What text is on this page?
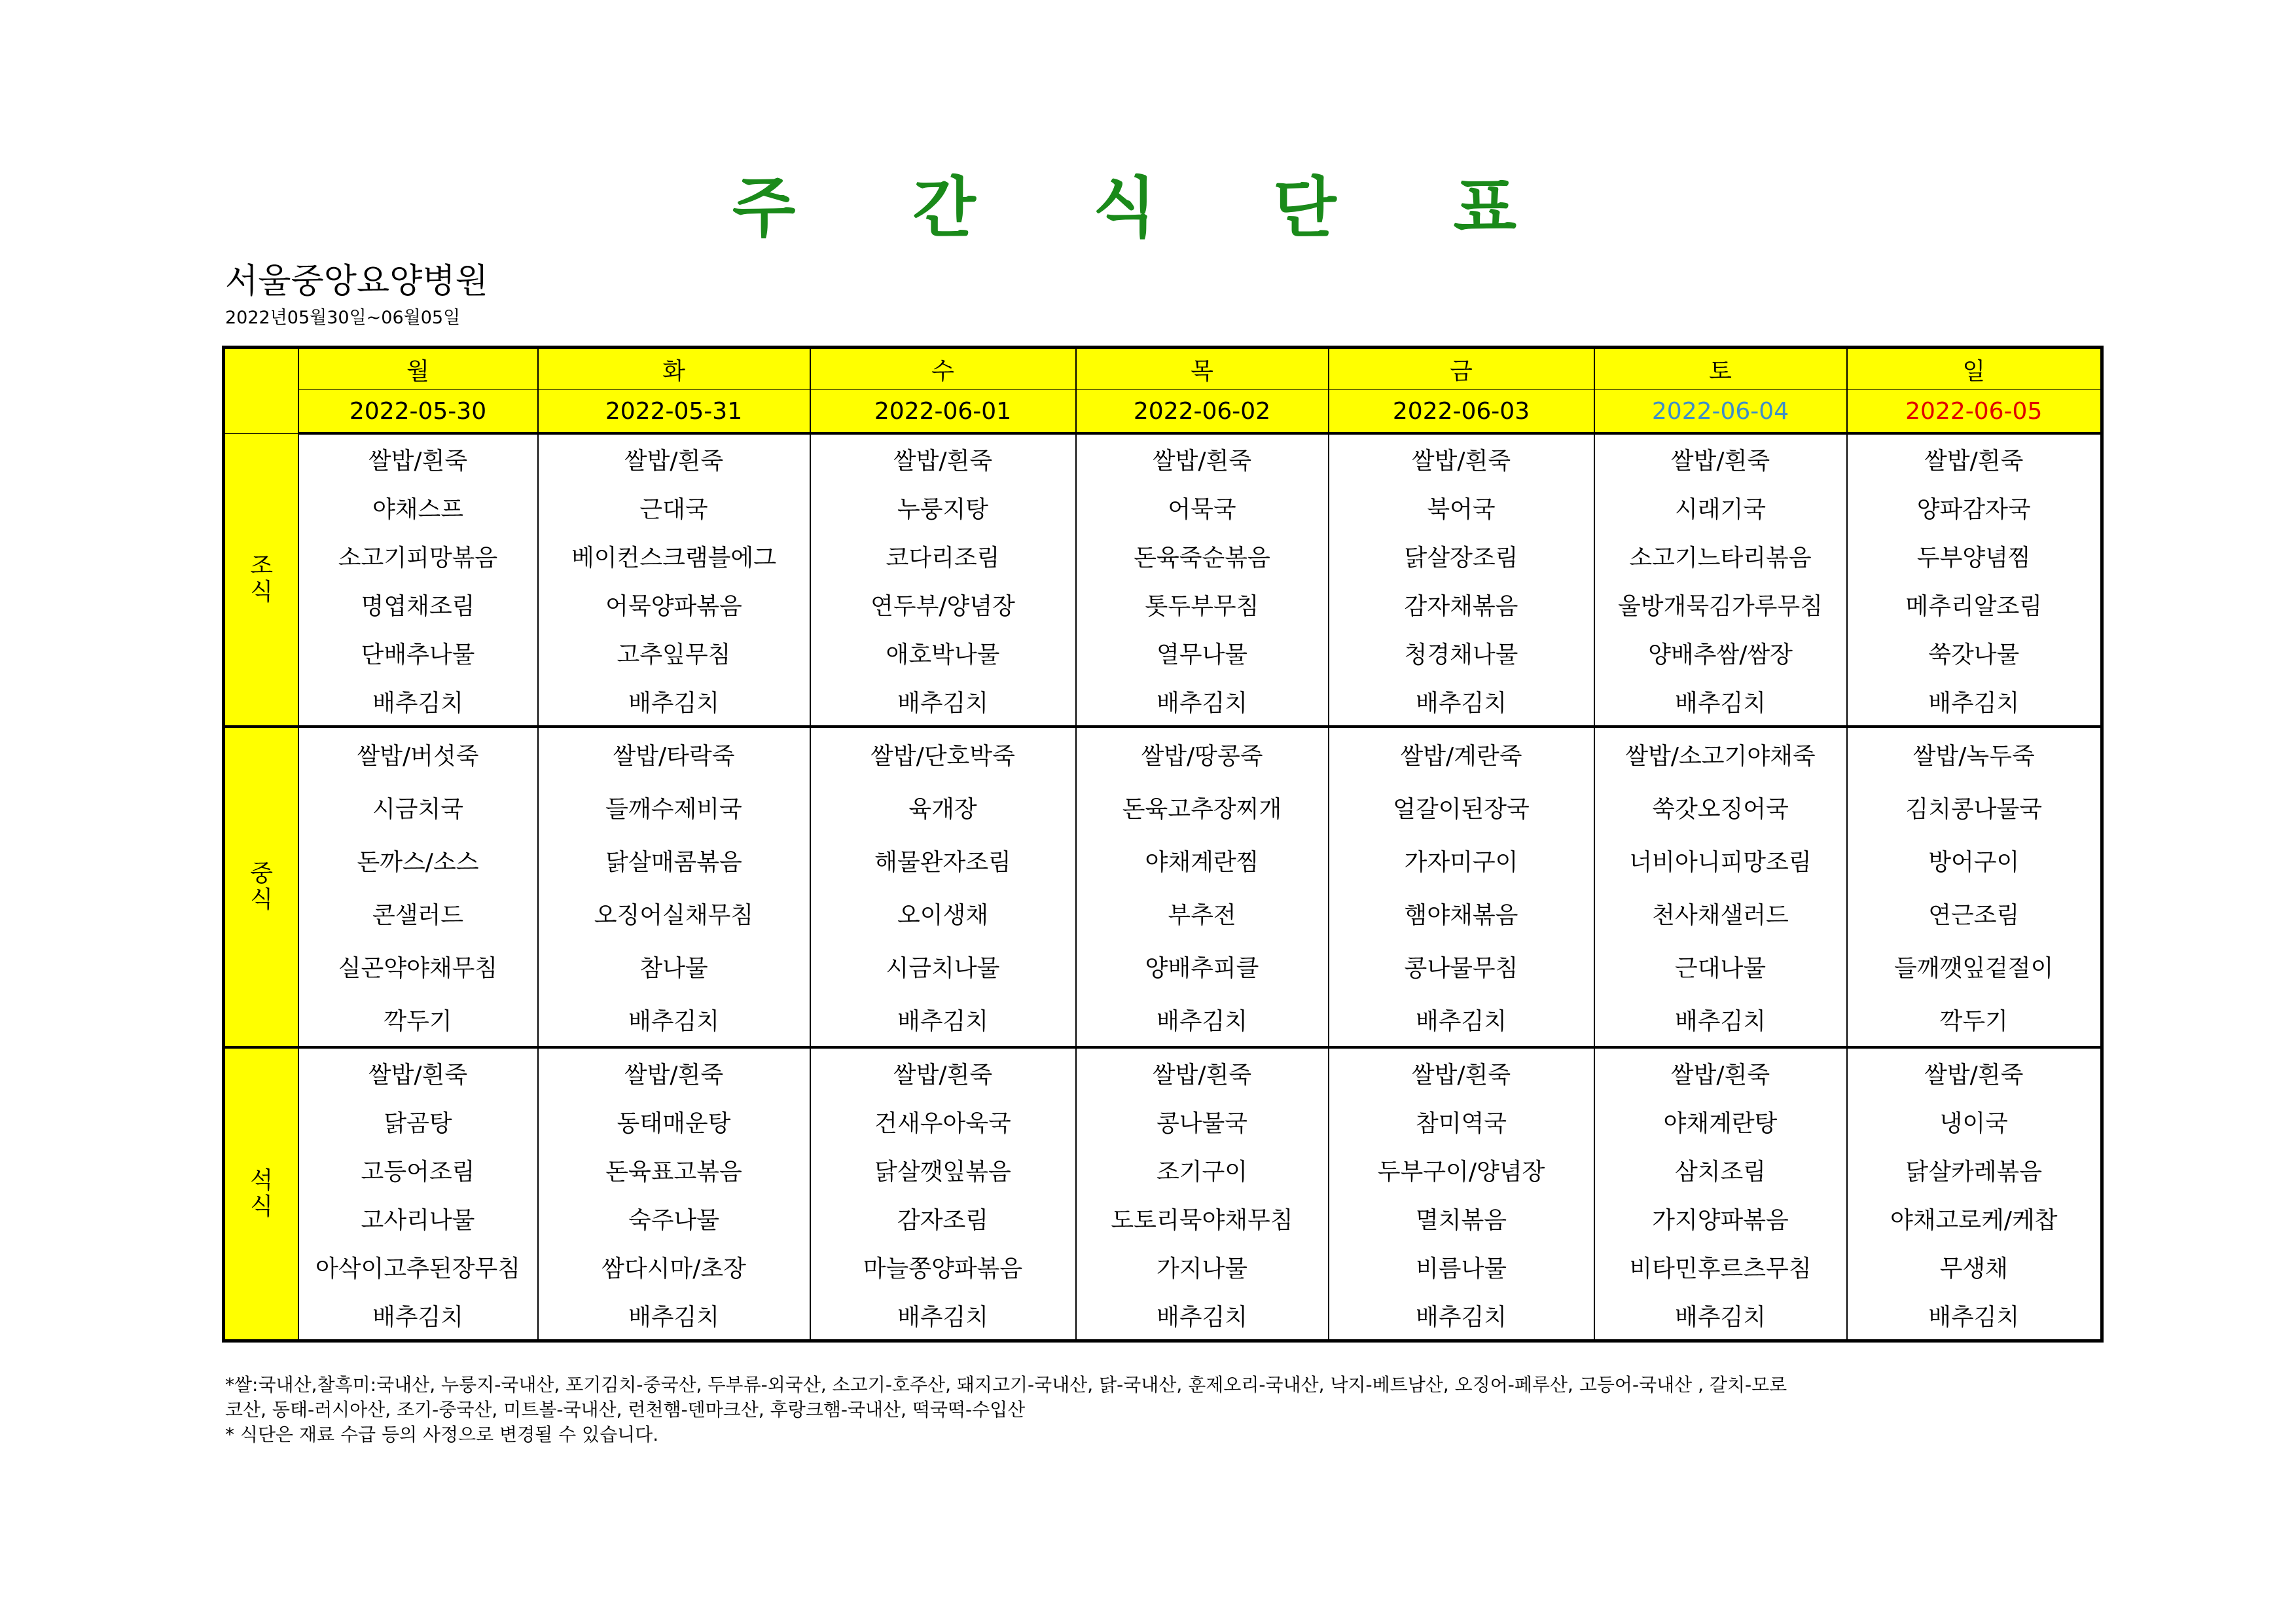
주 간 식 단 표
서울중앙요양병원
2022년05월30일~06월05일
	월	화	수	목	금	토	일
	2022-05-30	2022-05-31	2022-06-01	2022-06-02	2022-06-03	2022-06-04	2022-06-05
조식	쌀밥/흰죽	쌀밥/흰죽	쌀밥/흰죽	쌀밥/흰죽	쌀밥/흰죽	쌀밥/흰죽	쌀밥/흰죽
	야채스프	근대국	누룽지탕	어묵국	북어국	시래기국	양파감자국
	소고기피망볶음	베이컨스크램블에그	코다리조림	돈육죽순볶음	닭살장조림	소고기느타리볶음	두부양념찜
	명엽채조림	어묵양파볶음	연두부/양념장	톳두부무침	감자채볶음	울방개묵김가루무침	메추리알조림
	단배추나물	고추잎무침	애호박나물	열무나물	청경채나물	양배추쌈/쌈장	쑥갓나물
	배추김치	배추김치	배추김치	배추김치	배추김치	배추김치	배추김치
중식	쌀밥/버섯죽	쌀밥/타락죽	쌀밥/단호박죽	쌀밥/땅콩죽	쌀밥/계란죽	쌀밥/소고기야채죽	쌀밥/녹두죽
	시금치국	들깨수제비국	육개장	돈육고추장찌개	얼갈이된장국	쑥갓오징어국	김치콩나물국
	돈까스/소스	닭살매콤볶음	해물완자조림	야채계란찜	가자미구이	너비아니피망조림	방어구이
	콘샐러드	오징어실채무침	오이생채	부추전	햄야채볶음	천사채샐러드	연근조림
	실곤약야채무침	참나물	시금치나물	양배추피클	콩나물무침	근대나물	들깨깻잎겉절이
	깍두기	배추김치	배추김치	배추김치	배추김치	배추김치	깍두기
석식	쌀밥/흰죽	쌀밥/흰죽	쌀밥/흰죽	쌀밥/흰죽	쌀밥/흰죽	쌀밥/흰죽	쌀밥/흰죽
	닭곰탕	동태매운탕	건새우아욱국	콩나물국	참미역국	야채계란탕	냉이국
	고등어조림	돈육표고볶음	닭살깻잎볶음	조기구이	두부구이/양념장	삼치조림	닭살카레볶음
	고사리나물	숙주나물	감자조림	도토리묵야채무침	멸치볶음	가지양파볶음	야채고로케/케찹
	아삭이고추된장무침	쌈다시마/초장	마늘쫑양파볶음	가지나물	비름나물	비타민후르츠무침	무생채
	배추김치	배추김치	배추김치	배추김치	배추김치	배추김치	배추김치
*쌀:국내산,찰흑미:국내산, 누룽지-국내산, 포기김치-중국산, 두부류-외국산, 소고기-호주산, 돼지고기-국내산, 닭-국내산, 훈제오리-국내산, 낙지-베트남산, 오징어-페루산, 고등어-국내산 , 갈치-모로
코산, 동태-러시아산, 조기-중국산, 미트볼-국내산, 런천햄-덴마크산, 후랑크햄-국내산, 떡국떡-수입산
* 식단은 재료 수급 등의 사정으로 변경될 수 있습니다.
